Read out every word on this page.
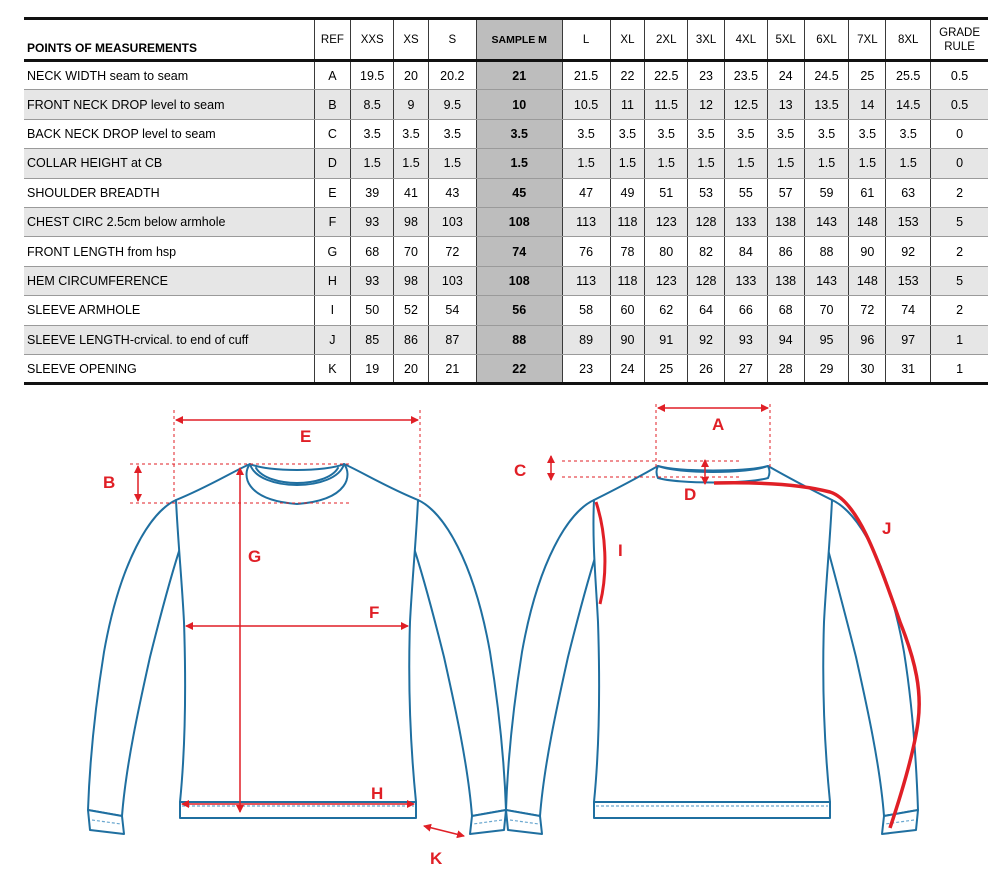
POINTS OF MEASUREMENTS	REF	XXS	XS	S	SAMPLE M	L	XL	2XL	3XL	4XL	5XL	6XL	7XL	8XL	GRADE
RULE
NECK WIDTH seam to seam	A	19.5	20	20.2	21	21.5	22	22.5	23	23.5	24	24.5	25	25.5	0.5
FRONT NECK DROP level to seam	B	8.5	9	9.5	10	10.5	11	11.5	12	12.5	13	13.5	14	14.5	0.5
BACK NECK DROP level to seam	C	3.5	3.5	3.5	3.5	3.5	3.5	3.5	3.5	3.5	3.5	3.5	3.5	3.5	0
COLLAR HEIGHT at CB	D	1.5	1.5	1.5	1.5	1.5	1.5	1.5	1.5	1.5	1.5	1.5	1.5	1.5	0
SHOULDER BREADTH	E	39	41	43	45	47	49	51	53	55	57	59	61	63	2
CHEST CIRC 2.5cm below armhole	F	93	98	103	108	113	118	123	128	133	138	143	148	153	5
FRONT LENGTH from hsp	G	68	70	72	74	76	78	80	82	84	86	88	90	92	2
HEM CIRCUMFERENCE	H	93	98	103	108	113	118	123	128	133	138	143	148	153	5
SLEEVE ARMHOLE	I	50	52	54	56	58	60	62	64	66	68	70	72	74	2
SLEEVE LENGTH-crvical. to end of cuff	J	85	86	87	88	89	90	91	92	93	94	95	96	97	1
SLEEVE OPENING	K	19	20	21	22	23	24	25	26	27	28	29	30	31	1
E
B
G
F
H
K
A
C
D
I
J
